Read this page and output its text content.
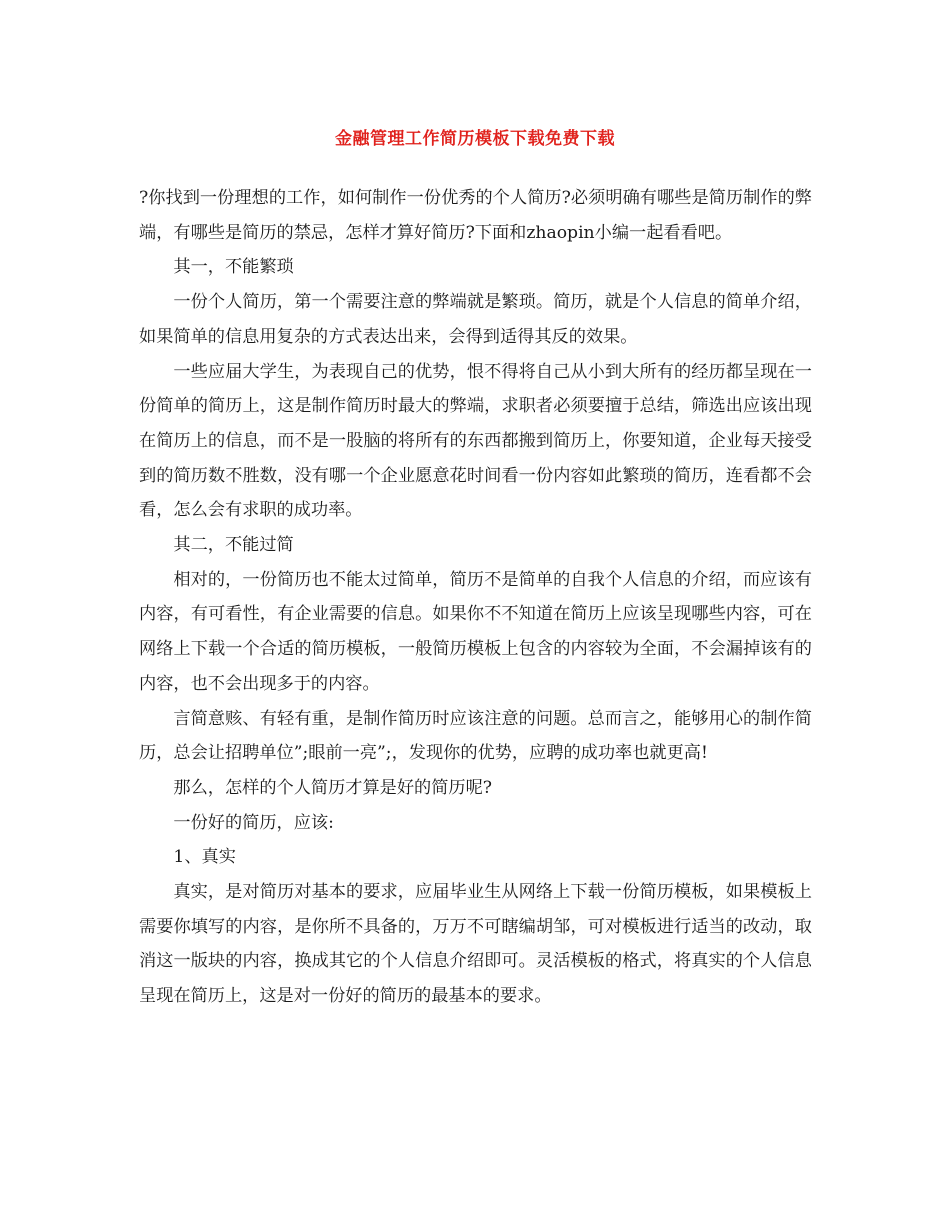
金融管理工作简历模板下载免费下载

?你找到一份理想的工作，如何制作一份优秀的个人简历?必须明确有哪些是简历制作的弊端，有哪些是简历的禁忌，怎样才算好简历?下面和zhaopin小编一起看看吧。

其一，不能繁琐

一份个人简历，第一个需要注意的弊端就是繁琐。简历，就是个人信息的简单介绍，如果简单的信息用复杂的方式表达出来，会得到适得其反的效果。

一些应届大学生，为表现自己的优势，恨不得将自己从小到大所有的经历都呈现在一份简单的简历上，这是制作简历时最大的弊端，求职者必须要擅于总结，筛选出应该出现在简历上的信息，而不是一股脑的将所有的东西都搬到简历上，你要知道，企业每天接受到的简历数不胜数，没有哪一个企业愿意花时间看一份内容如此繁琐的简历，连看都不会看，怎么会有求职的成功率。

其二，不能过简

相对的，一份简历也不能太过简单，简历不是简单的自我个人信息的介绍，而应该有内容，有可看性，有企业需要的信息。如果你不不知道在简历上应该呈现哪些内容，可在网络上下载一个合适的简历模板，一般简历模板上包含的内容较为全面，不会漏掉该有的内容，也不会出现多于的内容。

言简意赅、有轻有重，是制作简历时应该注意的问题。总而言之，能够用心的制作简历，总会让招聘单位”;眼前一亮”;，发现你的优势，应聘的成功率也就更高!

那么，怎样的个人简历才算是好的简历呢?

一份好的简历，应该:

1、真实

真实，是对简历对基本的要求，应届毕业生从网络上下载一份简历模板，如果模板上需要你填写的内容，是你所不具备的，万万不可瞎编胡邹，可对模板进行适当的改动，取消这一版块的内容，换成其它的个人信息介绍即可。灵活模板的格式，将真实的个人信息呈现在简历上，这是对一份好的简历的最基本的要求。
